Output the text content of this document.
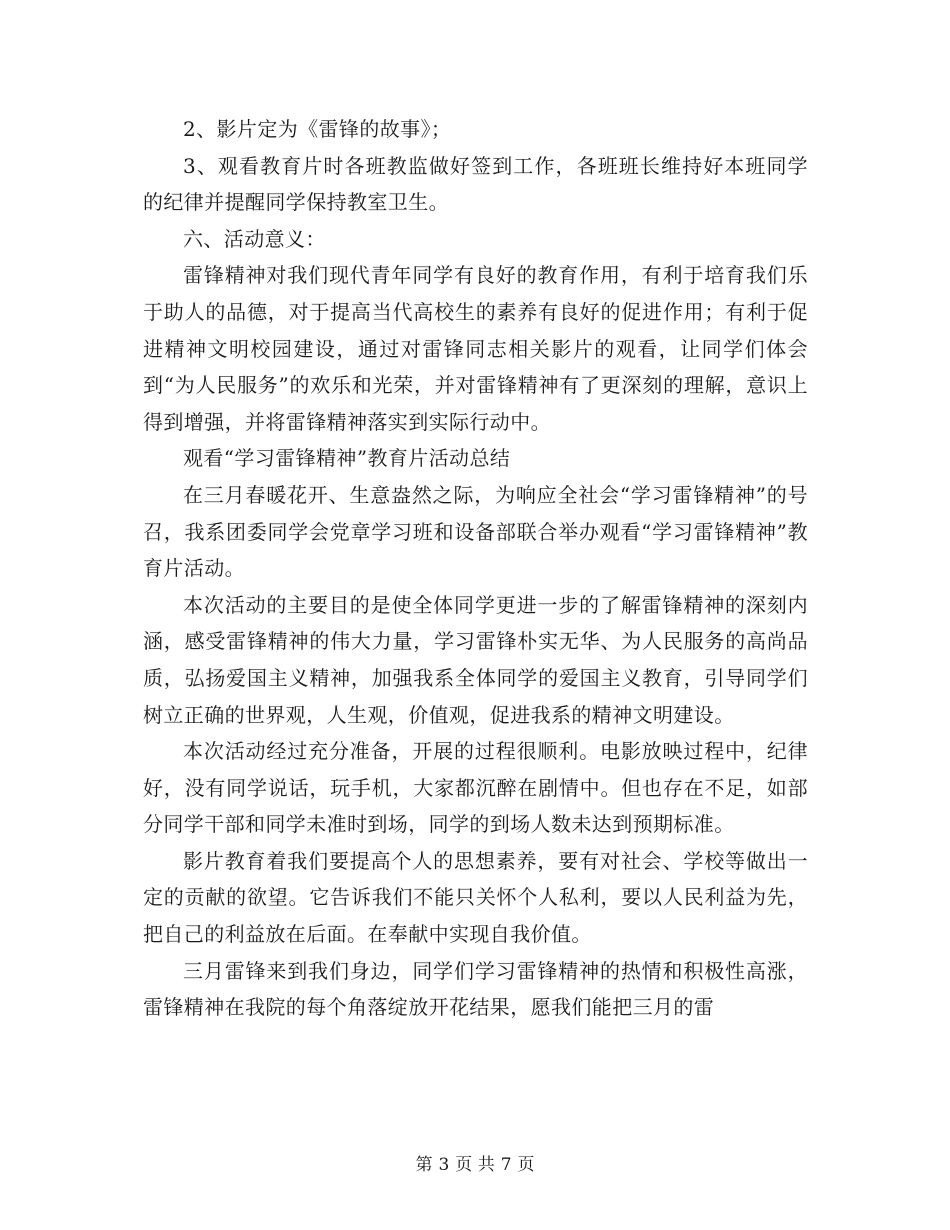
2、影片定为《雷锋的故事》；

3、观看教育片时各班教监做好签到工作，各班班长维持好本班同学的纪律并提醒同学保持教室卫生。

六、活动意义：

雷锋精神对我们现代青年同学有良好的教育作用，有利于培育我们乐于助人的品德，对于提高当代高校生的素养有良好的促进作用；有利于促进精神文明校园建设，通过对雷锋同志相关影片的观看，让同学们体会到“为人民服务”的欢乐和光荣，并对雷锋精神有了更深刻的理解，意识上得到增强，并将雷锋精神落实到实际行动中。

观看“学习雷锋精神”教育片活动总结

在三月春暖花开、生意盎然之际，为响应全社会“学习雷锋精神”的号召，我系团委同学会党章学习班和设备部联合举办观看“学习雷锋精神”教育片活动。

本次活动的主要目的是使全体同学更进一步的了解雷锋精神的深刻内涵，感受雷锋精神的伟大力量，学习雷锋朴实无华、为人民服务的高尚品质，弘扬爱国主义精神，加强我系全体同学的爱国主义教育，引导同学们树立正确的世界观，人生观，价值观，促进我系的精神文明建设。

本次活动经过充分准备，开展的过程很顺利。电影放映过程中，纪律好，没有同学说话，玩手机，大家都沉醉在剧情中。但也存在不足，如部分同学干部和同学未准时到场，同学的到场人数未达到预期标准。

影片教育着我们要提高个人的思想素养，要有对社会、学校等做出一定的贡献的欲望。它告诉我们不能只关怀个人私利，要以人民利益为先，把自己的利益放在后面。在奉献中实现自我价值。

三月雷锋来到我们身边，同学们学习雷锋精神的热情和积极性高涨，雷锋精神在我院的每个角落绽放开花结果，愿我们能把三月的雷

第 3 页 共 7 页
